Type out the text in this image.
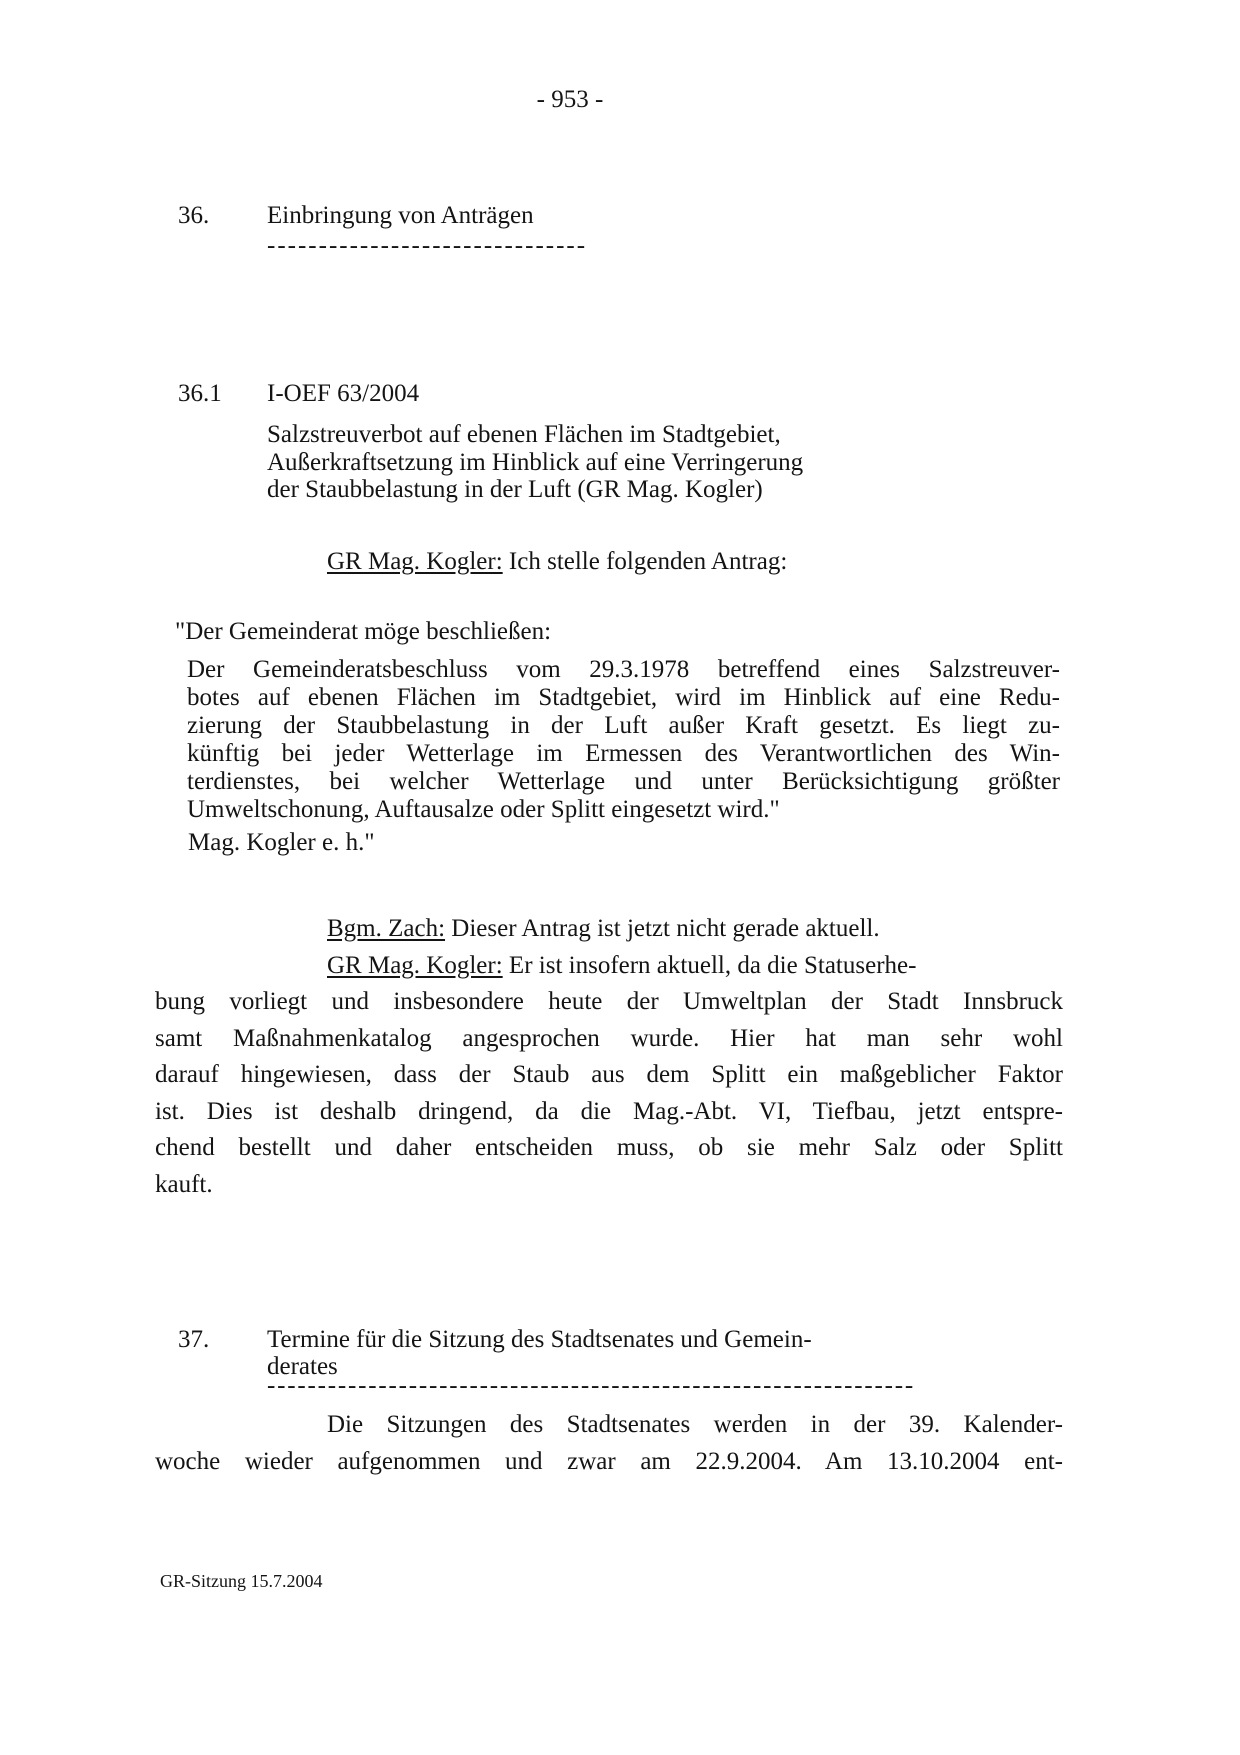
- 953 -
36. Einbringung von Anträgen
-------------------------------
36.1 I-OEF 63/2004
Salzstreuverbot auf ebenen Flächen im Stadtgebiet,
Außerkraftsetzung im Hinblick auf eine Verringerung
der Staubbelastung in der Luft (GR Mag. Kogler)
GR Mag. Kogler: Ich stelle folgenden Antrag:
"Der Gemeinderat möge beschließen:
Der Gemeinderatsbeschluss vom 29.3.1978 betreffend eines Salzstreuver-
botes auf ebenen Flächen im Stadtgebiet, wird im Hinblick auf eine Redu-
zierung der Staubbelastung in der Luft außer Kraft gesetzt. Es liegt zu-
künftig bei jeder Wetterlage im Ermessen des Verantwortlichen des Win-
terdienstes, bei welcher Wetterlage und unter Berücksichtigung größter
Umweltschonung, Auftausalze oder Splitt eingesetzt wird."
Mag. Kogler e. h."
Bgm. Zach: Dieser Antrag ist jetzt nicht gerade aktuell.
GR Mag. Kogler: Er ist insofern aktuell, da die Statuserhe-
bung vorliegt und insbesondere heute der Umweltplan der Stadt Innsbruck
samt Maßnahmenkatalog angesprochen wurde. Hier hat man sehr wohl
darauf hingewiesen, dass der Staub aus dem Splitt ein maßgeblicher Faktor
ist. Dies ist deshalb dringend, da die Mag.-Abt. VI, Tiefbau, jetzt entspre-
chend bestellt und daher entscheiden muss, ob sie mehr Salz oder Splitt
kauft.
37. Termine für die Sitzung des Stadtsenates und Gemein-
derates
----------------------------------------------------------------
Die Sitzungen des Stadtsenates werden in der 39. Kalender-
woche wieder aufgenommen und zwar am 22.9.2004. Am 13.10.2004 ent-
GR-Sitzung 15.7.2004
